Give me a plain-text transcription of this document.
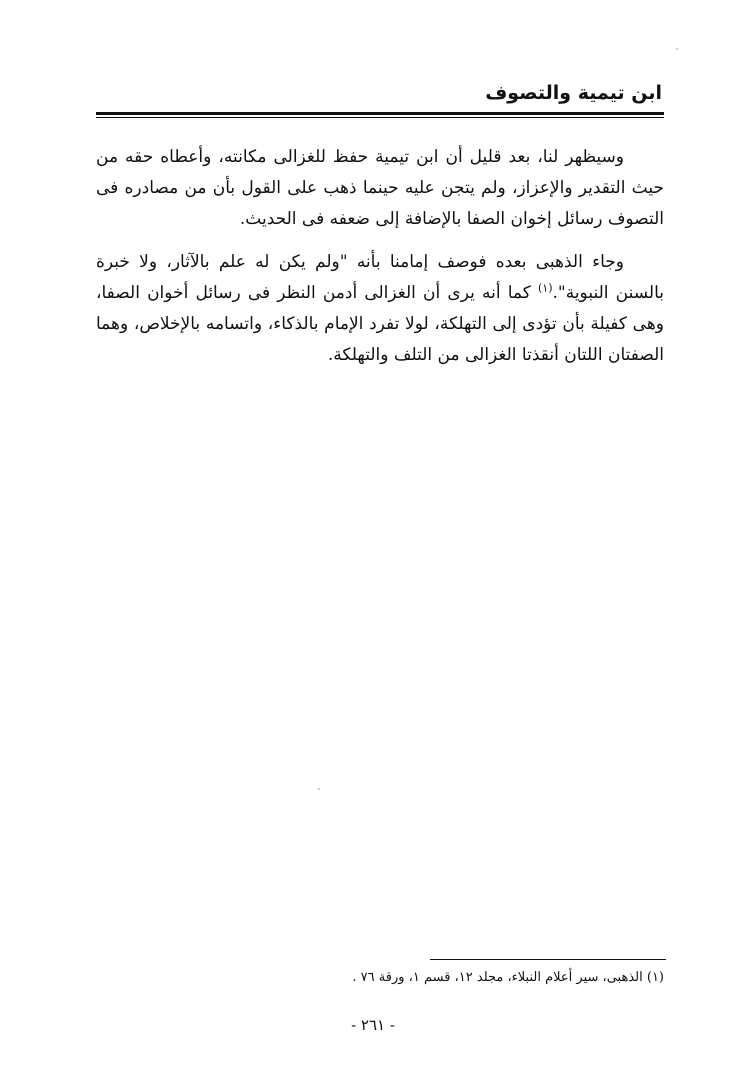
ابن تيمية والتصوف

وسيظهر لنا، بعد قليل أن ابن تيمية حفظ للغزالى مكانته، وأعطاه حقه من حيث التقدير والإعزاز، ولم يتجن عليه حينما ذهب على القول بأن من مصادره فى التصوف رسائل إخوان الصفا بالإضافة إلى ضعفه فى الحديث.

وجاء الذهبى بعده فوصف إمامنا بأنه "ولم يكن له علم بالآثار، ولا خبرة بالسنن النبوية".$^{(١)}$ كما أنه يرى أن الغزالى أدمن النظر فى رسائل أخوان الصفا، وهى كفيلة بأن تؤدى إلى التهلكة، لولا تفرد الإمام بالذكاء، واتسامه بالإخلاص، وهما الصفتان اللتان أنقذتا الغزالى من التلف والتهلكة.

(١) الذهبى، سير أعلام النبلاء، مجلد ١٢، قسم ١، ورقة ٧٦ .
- ٢٦١ -
